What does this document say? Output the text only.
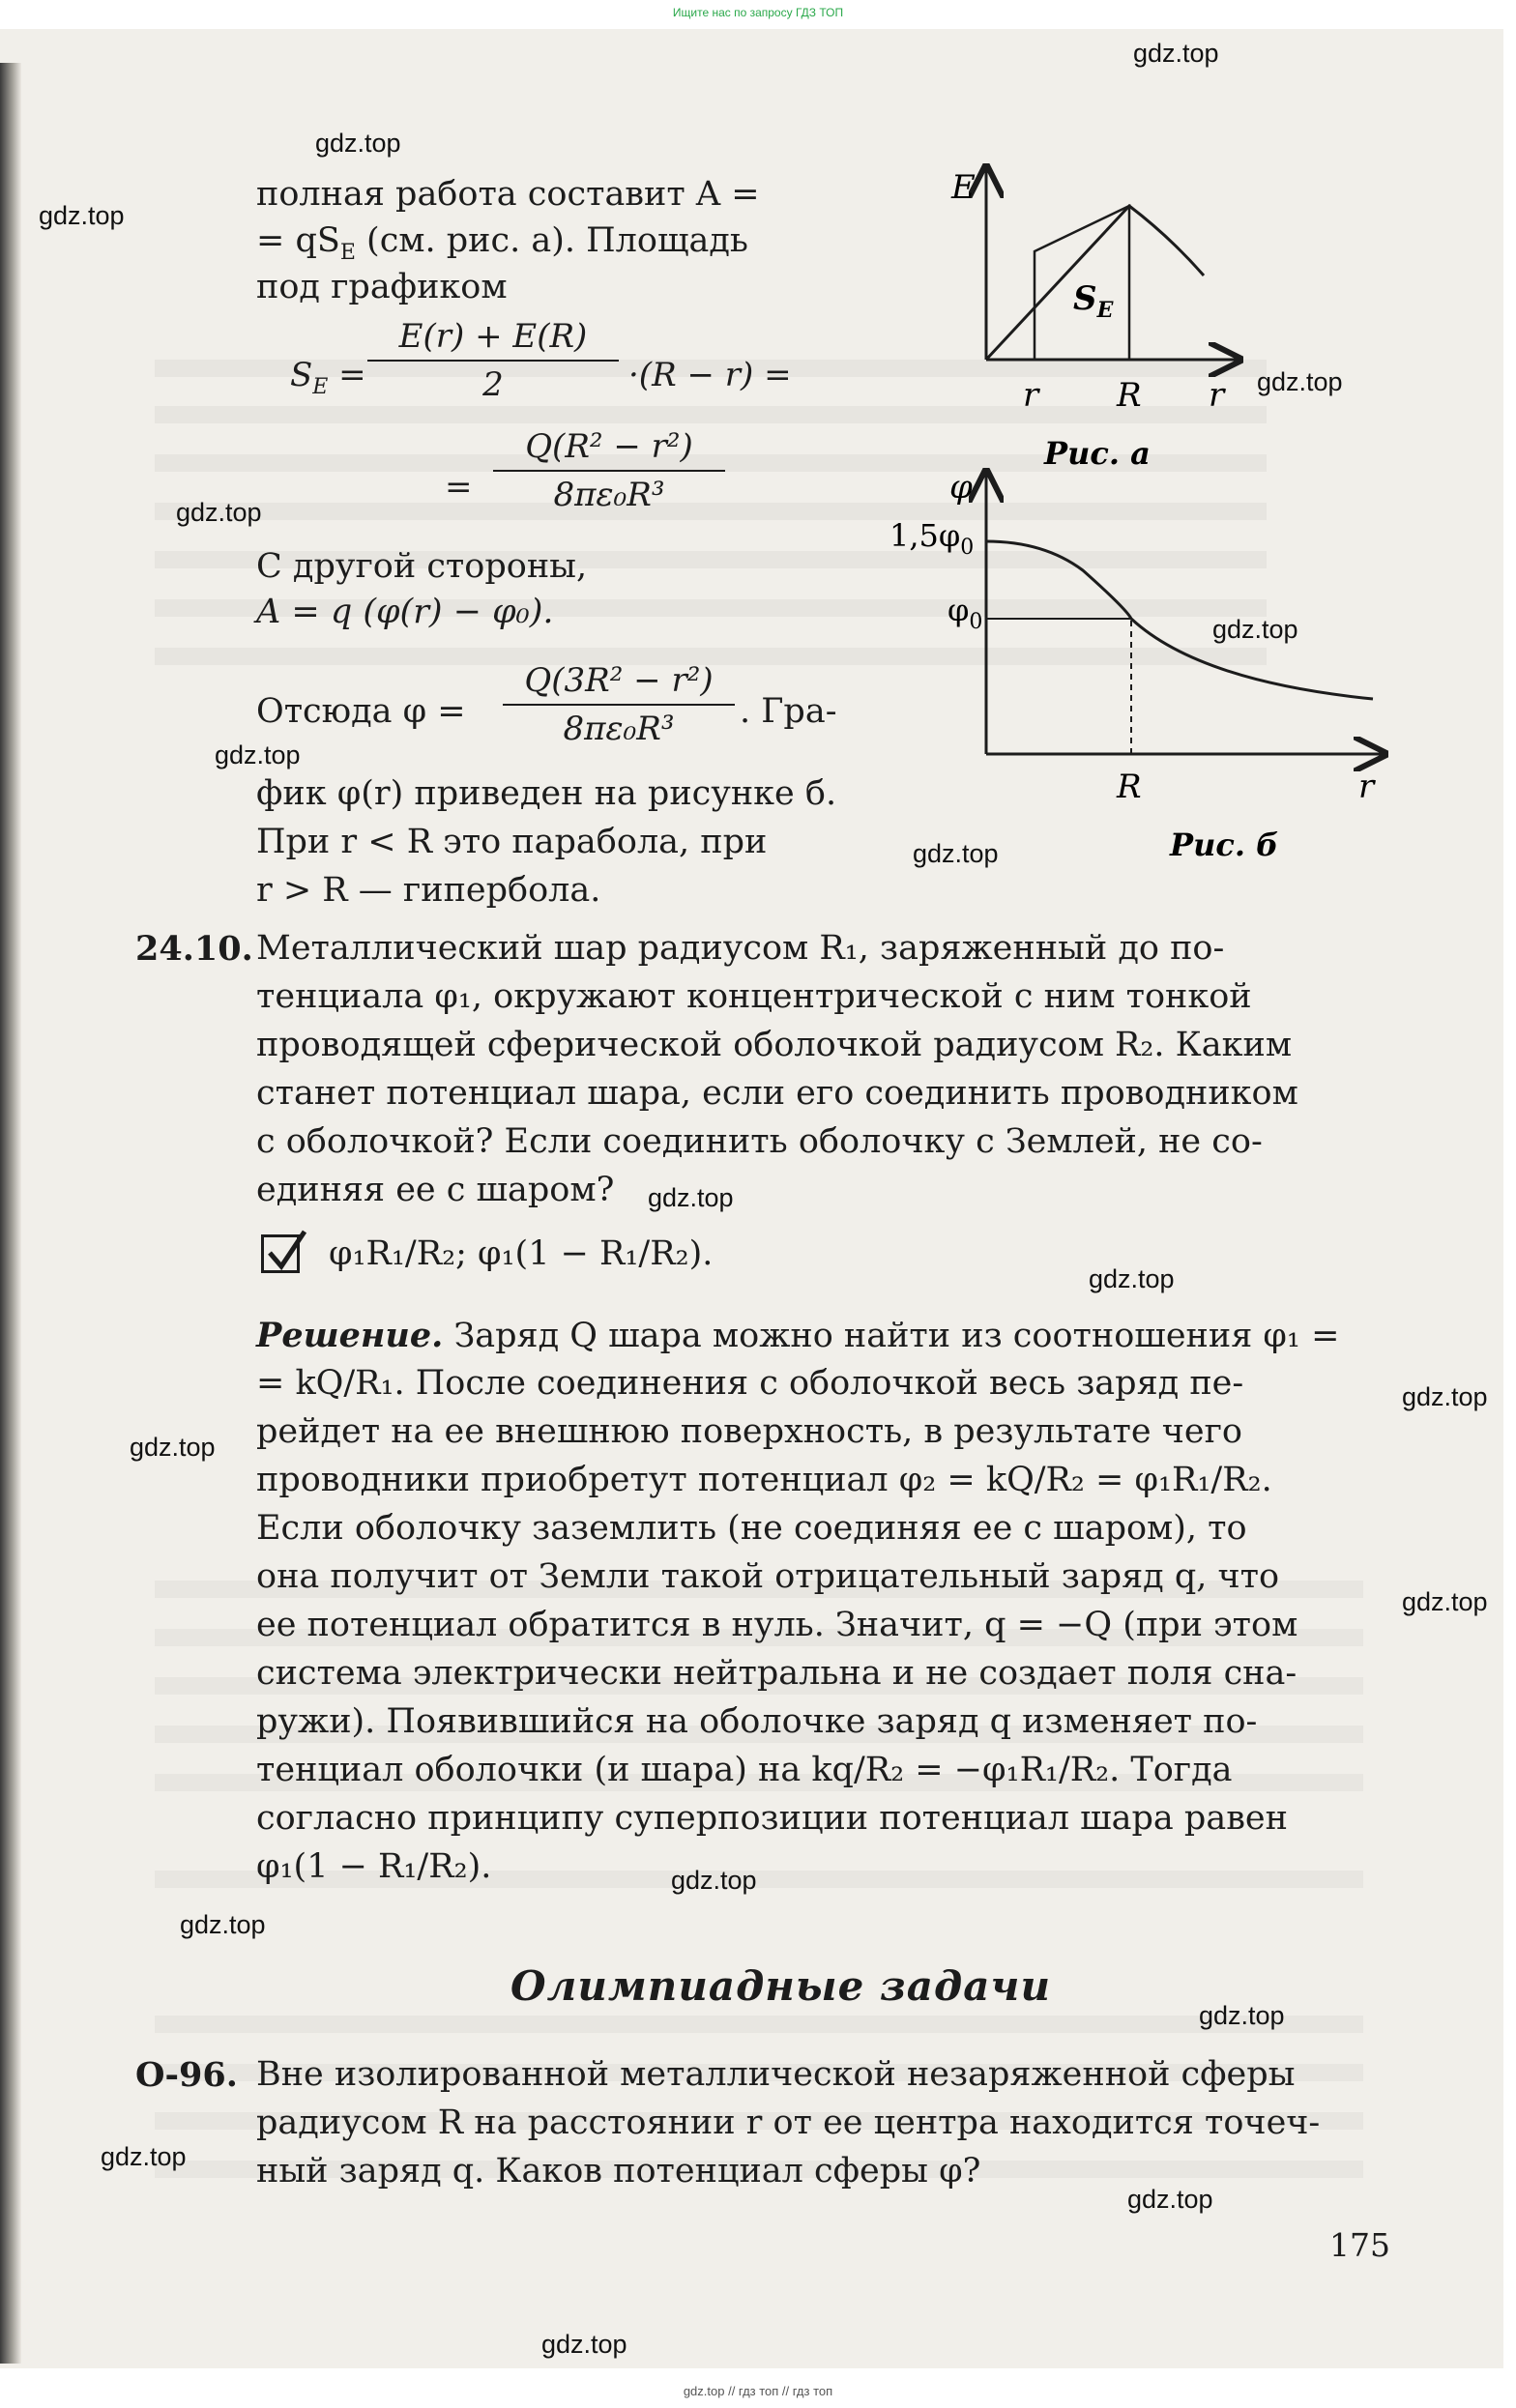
Ищите нас по запросу ГДЗ ТОП
gdz.top
gdz.top
gdz.top
gdz.top
gdz.top
gdz.top
gdz.top
gdz.top
gdz.top
gdz.top
gdz.top
gdz.top
gdz.top
gdz.top
gdz.top
gdz.top
gdz.top
gdz.top
gdz.top
E
$S_E$
r R r
Рис. а
φ
$1,5\varphi_0$
$\varphi_0$
R	r
Рис. б
полная работа составит A =
= $qS_E$ (см. рис. а). Площадь
под графиком
$S_E = \frac{E(r) + E(R)}{2} \cdot(R - r)$ =
= $\frac{\text{Q(R² − r²)}}{\text{8πε₀R³}}$
С другой стороны,
A = q (φ(r) − φ₀).
Отсюда $\varphi = \frac{\text{Q(3R² − r²)}}{\text{8πε₀R³}}$ . Гра-
фик φ(r) приведен на рисунке б.
При r < R это парабола, при
r > R — гипербола.
24.10. Металлический шар радиусом R₁, заряженный до по-
тенциала φ₁, окружают концентрической с ним тонкой
проводящей сферической оболочкой радиусом R₂. Каким
станет потенциал шара, если его соединить проводником
с оболочкой? Если соединить оболочку с Землей, не со-
единяя ее с шаром?
φ₁R₁/R₂; φ₁(1 − R₁/R₂).
Решение. Заряд Q шара можно найти из соотношения φ₁ =
= kQ/R₁. После соединения с оболочкой весь заряд пе-
рейдет на ее внешнюю поверхность, в результате чего
проводники приобретут потенциал φ₂ = kQ/R₂ = φ₁R₁/R₂.
Если оболочку заземлить (не соединяя ее с шаром), то
она получит от Земли такой отрицательный заряд q, что
ее потенциал обратится в нуль. Значит, q = −Q (при этом
система электрически нейтральна и не создает поля сна-
ружи). Появившийся на оболочке заряд q изменяет по-
тенциал оболочки (и шара) на kq/R₂ = −φ₁R₁/R₂. Тогда
согласно принципу суперпозиции потенциал шара равен
φ₁(1 − R₁/R₂).
Олимпиадные задачи
О-96. Вне изолированной металлической незаряженной сферы
радиусом R на расстоянии r от ее центра находится точеч-
ный заряд q. Каков потенциал сферы φ?
175
gdz.top // гдз топ // гдз топ
